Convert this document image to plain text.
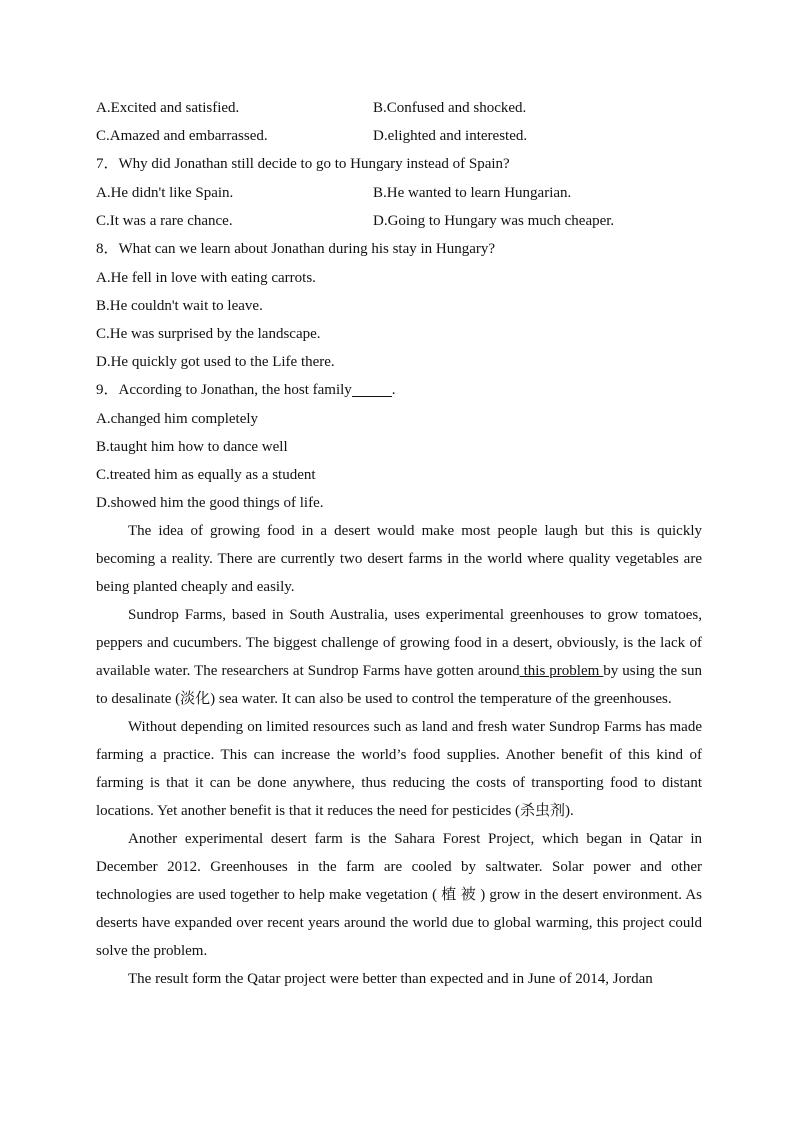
A.Excited and satisfied.	B.Confused and shocked.
C.Amazed and embarrassed.	D.elighted and interested.
7．Why did Jonathan still decide to go to Hungary instead of Spain?
A.He didn't like Spain.	B.He wanted to learn Hungarian.
C.It was a rare chance.	D.Going to Hungary was much cheaper.
8．What can we learn about Jonathan during his stay in Hungary?
A.He fell in love with eating carrots.
B.He couldn't wait to leave.
C.He was surprised by the landscape.
D.He quickly got used to the Life there.
9．According to Jonathan, the host family	.
A.changed him completely
B.taught him how to dance well
C.treated him as equally as a student
D.showed him the good things of life.

The idea of growing food in a desert would make most people laugh but this is quickly becoming a reality. There are currently two desert farms in the world where quality vegetables are being planted cheaply and easily.

Sundrop Farms, based in South Australia, uses experimental greenhouses to grow tomatoes, peppers and cucumbers. The biggest challenge of growing food in a desert, obviously, is the lack of available water. The researchers at Sundrop Farms have gotten around this problem by using the sun to desalinate (淡化) sea water. It can also be used to control the temperature of the greenhouses.

Without depending on limited resources such as land and fresh water Sundrop Farms has made farming a practice. This can increase the world’s food supplies. Another benefit of this kind of farming is that it can be done anywhere, thus reducing the costs of transporting food to distant locations. Yet another benefit is that it reduces the need for pesticides (杀虫剂).

Another experimental desert farm is the Sahara Forest Project, which began in Qatar in December 2012. Greenhouses in the farm are cooled by saltwater. Solar power and other technologies are used together to help make vegetation ( 植 被 ) grow in the desert environment. As deserts have expanded over recent years around the world due to global warming, this project could solve the problem.

The result form the Qatar project were better than expected and in June of 2014, Jordan
